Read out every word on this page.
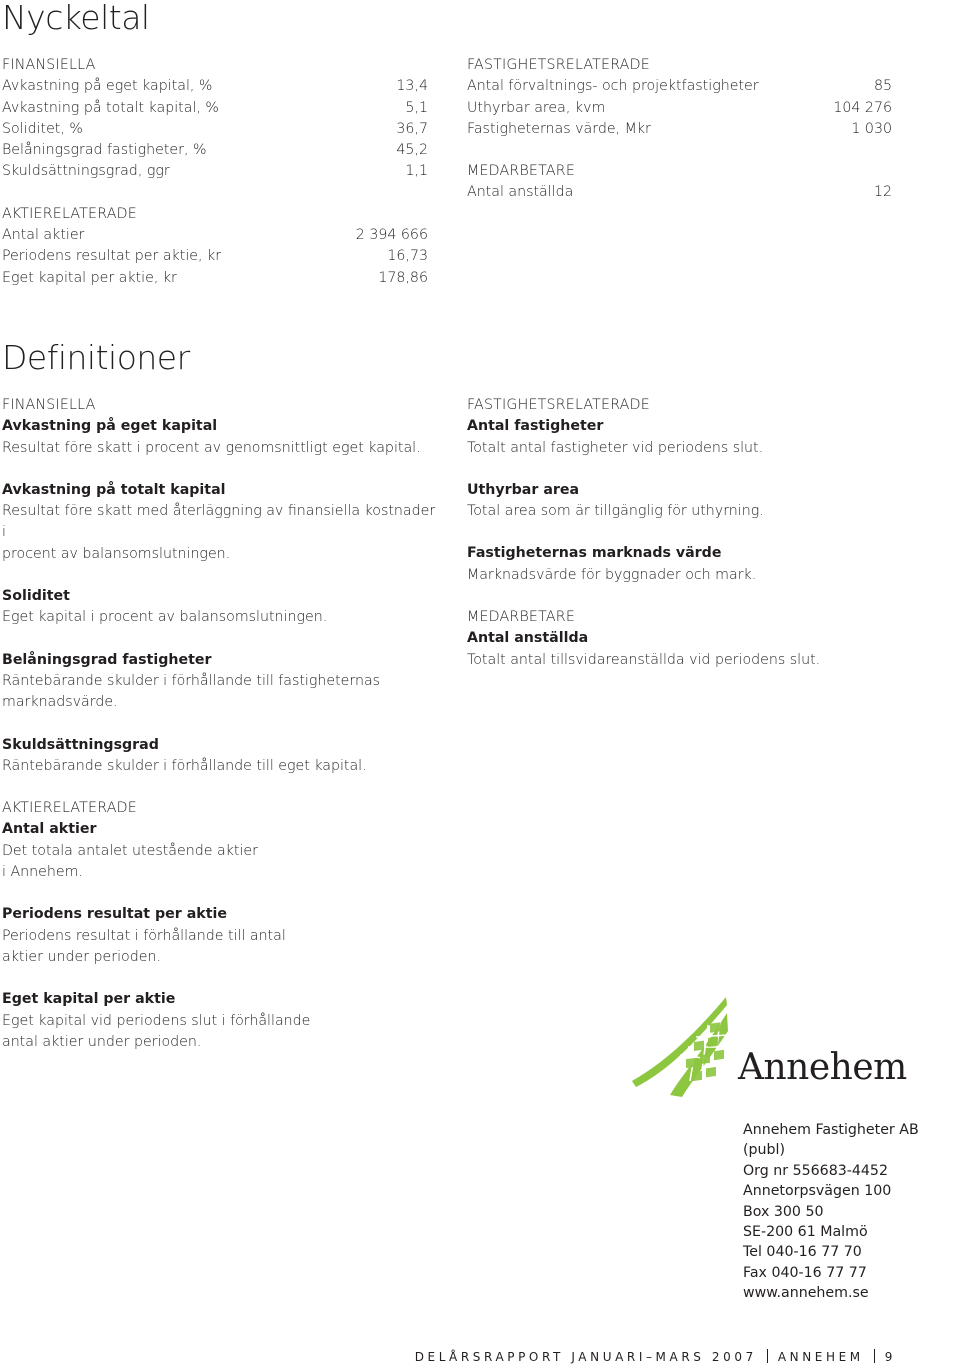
Nyckeltal
FINANSIELLA
Avkastning på eget kapital, %	13,4
Avkastning på totalt kapital, %	5,1
Soliditet, %	36,7
Belåningsgrad fastigheter, %	45,2
Skuldsättningsgrad, ggr	1,1
AKTIERELATERADE
Antal aktier	2 394 666
Periodens resultat per aktie, kr	16,73
Eget kapital per aktie, kr	178,86
FASTIGHETSRELATERADE
Antal förvaltnings- och projektfastigheter	85
Uthyrbar area, kvm	104 276
Fastigheternas värde, Mkr	1 030
MEDARBETARE
Antal anställda	12
Definitioner
FINANSIELLA
Avkastning på eget kapital
Resultat före skatt i procent av genomsnittligt eget kapital.
Avkastning på totalt kapital
Resultat före skatt med återläggning av finansiella kostnader i
procent av balansomslutningen.
Soliditet
Eget kapital i procent av balansomslutningen.
Belåningsgrad fastigheter
Räntebärande skulder i förhållande till fastigheternas
marknadsvärde.
Skuldsättningsgrad
Räntebärande skulder i förhållande till eget kapital.
AKTIERELATERADE
Antal aktier
Det totala antalet utestående aktier
i Annehem.
Periodens resultat per aktie
Periodens resultat i förhållande till antal
aktier under perioden.
Eget kapital per aktie
Eget kapital vid periodens slut i förhållande
antal aktier under perioden.
FASTIGHETSRELATERADE
Antal fastigheter
Totalt antal fastigheter vid periodens slut.
Uthyrbar area
Total area som är tillgänglig för uthyrning.
Fastigheternas marknads värde
Marknadsvärde för byggnader och mark.
MEDARBETARE
Antal anställda
Totalt antal tillsvidareanställda vid periodens slut.
Annehem
Annehem Fastigheter AB (publ)
Org nr 556683-4452
Annetorpsvägen 100
Box 300 50
SE-200 61 Malmö
Tel 040-16 77 70
Fax 040-16 77 77
www.annehem.se
DELÅRSRAPPORT JANUARI–MARS 2007 ANNEHEM 9
